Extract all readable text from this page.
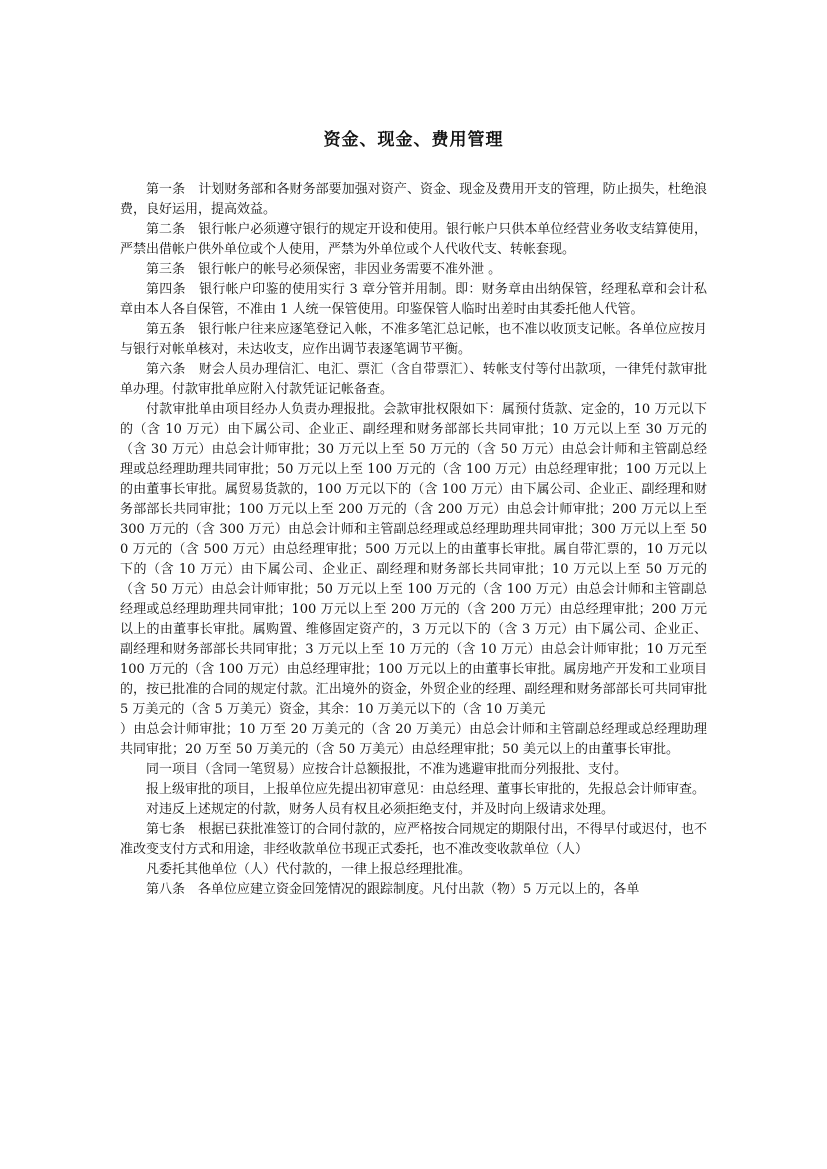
资金、现金、费用管理

第一条　计划财务部和各财务部要加强对资产、资金、现金及费用开支的管理，防止损失，杜绝浪费，良好运用，提高效益。

第二条　银行帐户必须遵守银行的规定开设和使用。银行帐户只供本单位经营业务收支结算使用，严禁出借帐户供外单位或个人使用，严禁为外单位或个人代收代支、转帐套现。

第三条　银行帐户的帐号必须保密，非因业务需要不准外泄 。

第四条　银行帐户印鉴的使用实行 3 章分管并用制。即：财务章由出纳保管，经理私章和会计私章由本人各自保管，不准由 1 人统一保管使用。印鉴保管人临时出差时由其委托他人代管。

第五条　银行帐户往来应逐笔登记入帐，不准多笔汇总记帐，也不准以收顶支记帐。各单位应按月与银行对帐单核对，未达收支，应作出调节表逐笔调节平衡。

第六条　财会人员办理信汇、电汇、票汇（含自带票汇）、转帐支付等付出款项，一律凭付款审批单办理。付款审批单应附入付款凭证记帐备查。

付款审批单由项目经办人负责办理报批。会款审批权限如下：属预付货款、定金的，10 万元以下的（含 10 万元）由下属公司、企业正、副经理和财务部部长共同审批；10 万元以上至 30 万元的（含 30 万元）由总会计师审批；30 万元以上至 50 万元的（含 50 万元）由总会计师和主管副总经理或总经理助理共同审批；50 万元以上至 100 万元的（含 100 万元）由总经理审批；100 万元以上的由董事长审批。属贸易货款的，100 万元以下的（含 100 万元）由下属公司、企业正、副经理和财务部部长共同审批；100 万元以上至 200 万元的（含 200 万元）由总会计师审批；200 万元以上至 300 万元的（含 300 万元）由总会计师和主管副总经理或总经理助理共同审批；300 万元以上至 500 万元的（含 500 万元）由总经理审批；500 万元以上的由董事长审批。属自带汇票的，10 万元以下的（含 10 万元）由下属公司、企业正、副经理和财务部长共同审批；10 万元以上至 50 万元的（含 50 万元）由总会计师审批；50 万元以上至 100 万元的（含 100 万元）由总会计师和主管副总经理或总经理助理共同审批；100 万元以上至 200 万元的（含 200 万元）由总经理审批；200 万元以上的由董事长审批。属购置、维修固定资产的，3 万元以下的（含 3 万元）由下属公司、企业正、副经理和财务部部长共同审批；3 万元以上至 10 万元的（含 10 万元）由总会计师审批；10 万元至 100 万元的（含 100 万元）由总经理审批；100 万元以上的由董事长审批。属房地产开发和工业项目的，按已批准的合同的规定付款。汇出境外的资金，外贸企业的经理、副经理和财务部部长可共同审批 5 万美元的（含 5 万美元）资金，其余：10 万美元以下的（含 10 万美元

）由总会计师审批；10 万至 20 万美元的（含 20 万美元）由总会计师和主管副总经理或总经理助理共同审批；20 万至 50 万美元的（含 50 万美元）由总经理审批；50 美元以上的由董事长审批。

同一项目（含同一笔贸易）应按合计总额报批，不准为逃避审批而分列报批、支付。

报上级审批的项目，上报单位应先提出初审意见：由总经理、董事长审批的，先报总会计师审查。

对违反上述规定的付款，财务人员有权且必须拒绝支付，并及时向上级请求处理。

第七条　根据已获批准签订的合同付款的，应严格按合同规定的期限付出，不得早付或迟付，也不准改变支付方式和用途，非经收款单位书现正式委托，也不准改变收款单位（人）

凡委托其他单位（人）代付款的，一律上报总经理批准。

第八条　各单位应建立资金回笼情况的跟踪制度。凡付出款（物）5 万元以上的，各单
